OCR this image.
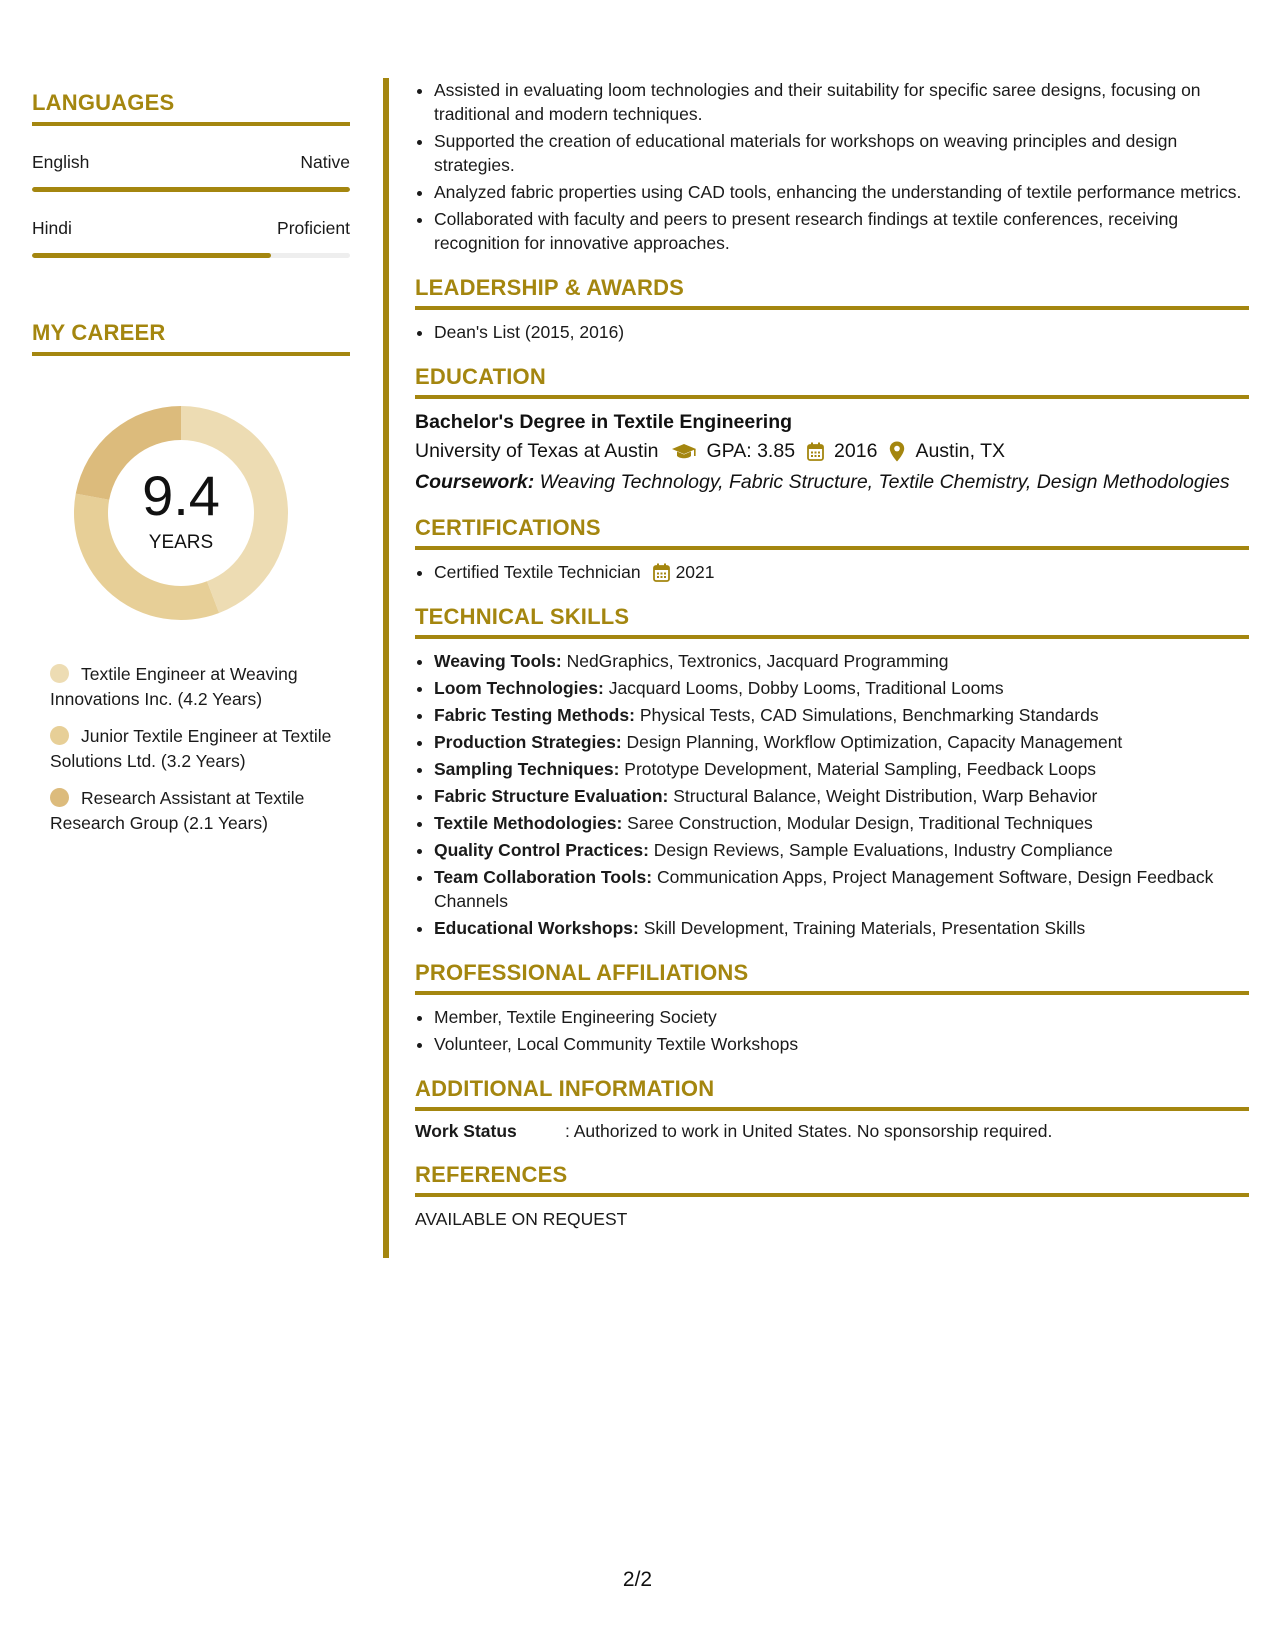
LANGUAGES
English	Native
Hindi	Proficient
MY CAREER
9.4
YEARS
Textile Engineer at Weaving Innovations Inc. (4.2 Years)
Junior Textile Engineer at Textile Solutions Ltd. (3.2 Years)
Research Assistant at Textile Research Group (2.1 Years)
• Assisted in evaluating loom technologies and their suitability for specific saree designs, focusing on traditional and modern techniques.
• Supported the creation of educational materials for workshops on weaving principles and design strategies.
• Analyzed fabric properties using CAD tools, enhancing the understanding of textile performance metrics.
• Collaborated with faculty and peers to present research findings at textile conferences, receiving recognition for innovative approaches.
LEADERSHIP & AWARDS
• Dean's List (2015, 2016)
EDUCATION
Bachelor's Degree in Textile Engineering
University of Texas at Austin GPA: 3.85 2016 Austin, TX
Coursework: Weaving Technology, Fabric Structure, Textile Chemistry, Design Methodologies
CERTIFICATIONS
• Certified Textile Technician 2021
TECHNICAL SKILLS
• Weaving Tools: NedGraphics, Textronics, Jacquard Programming
• Loom Technologies: Jacquard Looms, Dobby Looms, Traditional Looms
• Fabric Testing Methods: Physical Tests, CAD Simulations, Benchmarking Standards
• Production Strategies: Design Planning, Workflow Optimization, Capacity Management
• Sampling Techniques: Prototype Development, Material Sampling, Feedback Loops
• Fabric Structure Evaluation: Structural Balance, Weight Distribution, Warp Behavior
• Textile Methodologies: Saree Construction, Modular Design, Traditional Techniques
• Quality Control Practices: Design Reviews, Sample Evaluations, Industry Compliance
• Team Collaboration Tools: Communication Apps, Project Management Software, Design Feedback Channels
• Educational Workshops: Skill Development, Training Materials, Presentation Skills
PROFESSIONAL AFFILIATIONS
• Member, Textile Engineering Society
• Volunteer, Local Community Textile Workshops
ADDITIONAL INFORMATION
Work Status	: Authorized to work in United States. No sponsorship required.
REFERENCES
AVAILABLE ON REQUEST
2/2
